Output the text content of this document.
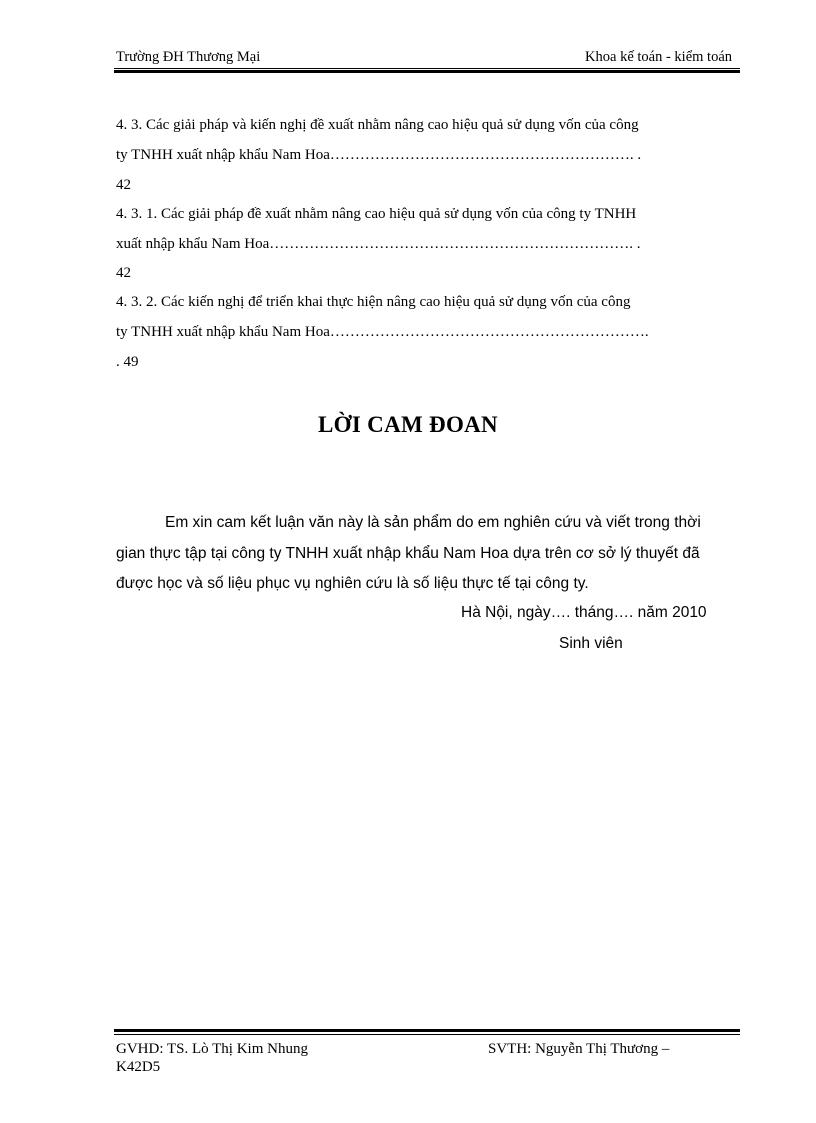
Trường ĐH Thương Mại	Khoa kế toán - kiểm toán
4. 3. Các giải pháp và kiến nghị đề xuất nhằm nâng cao hiệu quả sử dụng vốn của công
ty TNHH xuất nhập khẩu Nam Hoa……………………………………………………. .
42
4. 3. 1. Các giải pháp đề xuất nhằm nâng cao hiệu quả sử dụng vốn của công ty TNHH
xuất nhập khẩu Nam Hoa………………………………………………………………. .
42
4. 3. 2. Các kiến nghị để triển khai thực hiện nâng cao hiệu quả sử dụng vốn của công
ty TNHH xuất nhập khẩu Nam Hoa……………………………………………………….
. 49
LỜI CAM ĐOAN
Em xin cam kết luận văn này là sản phẩm do em nghiên cứu và viết trong thời
gian thực tập tại công ty TNHH xuất nhập khẩu Nam Hoa dựa trên cơ sở lý thuyết đã
được học và số liệu phục vụ nghiên cứu là số liệu thực tế tại công ty.
Hà Nội, ngày…. tháng…. năm 2010
Sinh viên
GVHD: TS. Lò Thị Kim Nhung	SVTH: Nguyễn Thị Thương –
K42D5
